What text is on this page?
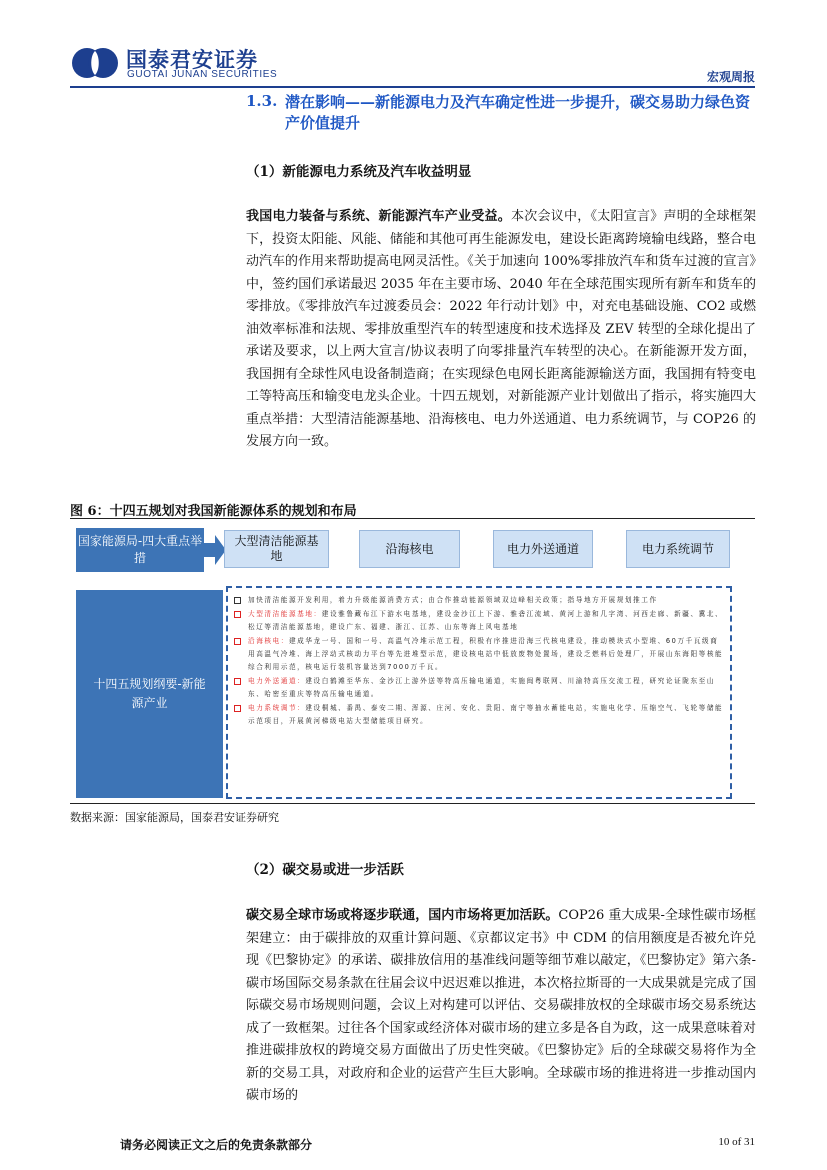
国泰君安证券
GUOTAI JUNAN SECURITIES	宏观周报
1.3. 潜在影响——新能源电力及汽车确定性进一步提升，碳交易助力绿色资产价值提升
（1）新能源电力系统及汽车收益明显
我国电力装备与系统、新能源汽车产业受益。本次会议中，《太阳宣言》声明的全球框架下，投资太阳能、风能、储能和其他可再生能源发电，建设长距离跨境输电线路，整合电动汽车的作用来帮助提高电网灵活性。《关于加速向 100%零排放汽车和货车过渡的宣言》中，签约国们承诺最迟 2035 年在主要市场、2040 年在全球范围实现所有新车和货车的零排放。《零排放汽车过渡委员会：2022 年行动计划》中，对充电基础设施、CO2 或燃油效率标准和法规、零排放重型汽车的转型速度和技术选择及 ZEV 转型的全球化提出了承诺及要求，以上两大宣言/协议表明了向零排量汽车转型的决心。在新能源开发方面，我国拥有全球性风电设备制造商；在实现绿色电网长距离能源输送方面，我国拥有特变电工等特高压和输变电龙头企业。十四五规划，对新能源产业计划做出了指示，将实施四大重点举措：大型清洁能源基地、沿海核电、电力外送通道、电力系统调节，与 COP26 的发展方向一致。
图 6：十四五规划对我国新能源体系的规划和布局
国家能源局-四大重点举措
大型清洁能源基地
沿海核电	电力外送通道	电力系统调节
十四五规划纲要-新能源产业
加快清洁能源开发利用，着力升级能源消费方式；由合作推动能源领域双边峰相关政策；指导地方开展规划推工作
大型清洁能源基地：建设雅鲁藏布江下游水电基地，建设金沙江上下游、雅砻江流域、黄河上游和几字湾、河西走廊、新疆、冀北、松辽等清洁能源基地，建设广东、福建、浙江、江苏、山东等海上风电基地
沿海核电：建成华龙一号、国和一号、高温气冷堆示范工程，积极有序推进沿海三代核电建设，推动模块式小型堆、60万千瓦级商用高温气冷堆、海上浮动式核动力平台等先进堆型示范，建设核电站中低放废物处置场，建设乏燃料后处理厂，开展山东海阳等核能综合利用示范，核电运行装机容量达到7000万千瓦。
电力外送通道：建设白鹤滩至华东、金沙江上游外送等特高压输电通道，实施闽粤联网、川渝特高压交流工程，研究论证陇东至山东、哈密至重庆等特高压输电通道。
电力系统调节：建设桐城、番禺、泰安二期、浑源、庄河、安化、贵阳、南宁等抽水蓄能电站，实施电化学、压缩空气、飞轮等储能示范项目，开展黄河梯级电站大型储能项目研究。
数据来源：国家能源局，国泰君安证券研究
（2）碳交易或进一步活跃
碳交易全球市场或将逐步联通，国内市场将更加活跃。COP26 重大成果-全球性碳市场框架建立：由于碳排放的双重计算问题、《京都议定书》中 CDM 的信用额度是否被允许兑现《巴黎协定》的承诺、碳排放信用的基准线问题等细节难以敲定，《巴黎协定》第六条-碳市场国际交易条款在往届会议中迟迟难以推进，本次格拉斯哥的一大成果就是完成了国际碳交易市场规则问题，会议上对构建可以评估、交易碳排放权的全球碳市场交易系统达成了一致框架。过往各个国家或经济体对碳市场的建立多是各自为政，这一成果意味着对推进碳排放权的跨境交易方面做出了历史性突破。《巴黎协定》后的全球碳交易将作为全新的交易工具，对政府和企业的运营产生巨大影响。全球碳市场的推进将进一步推动国内碳市场的
请务必阅读正文之后的免责条款部分	10 of 31
